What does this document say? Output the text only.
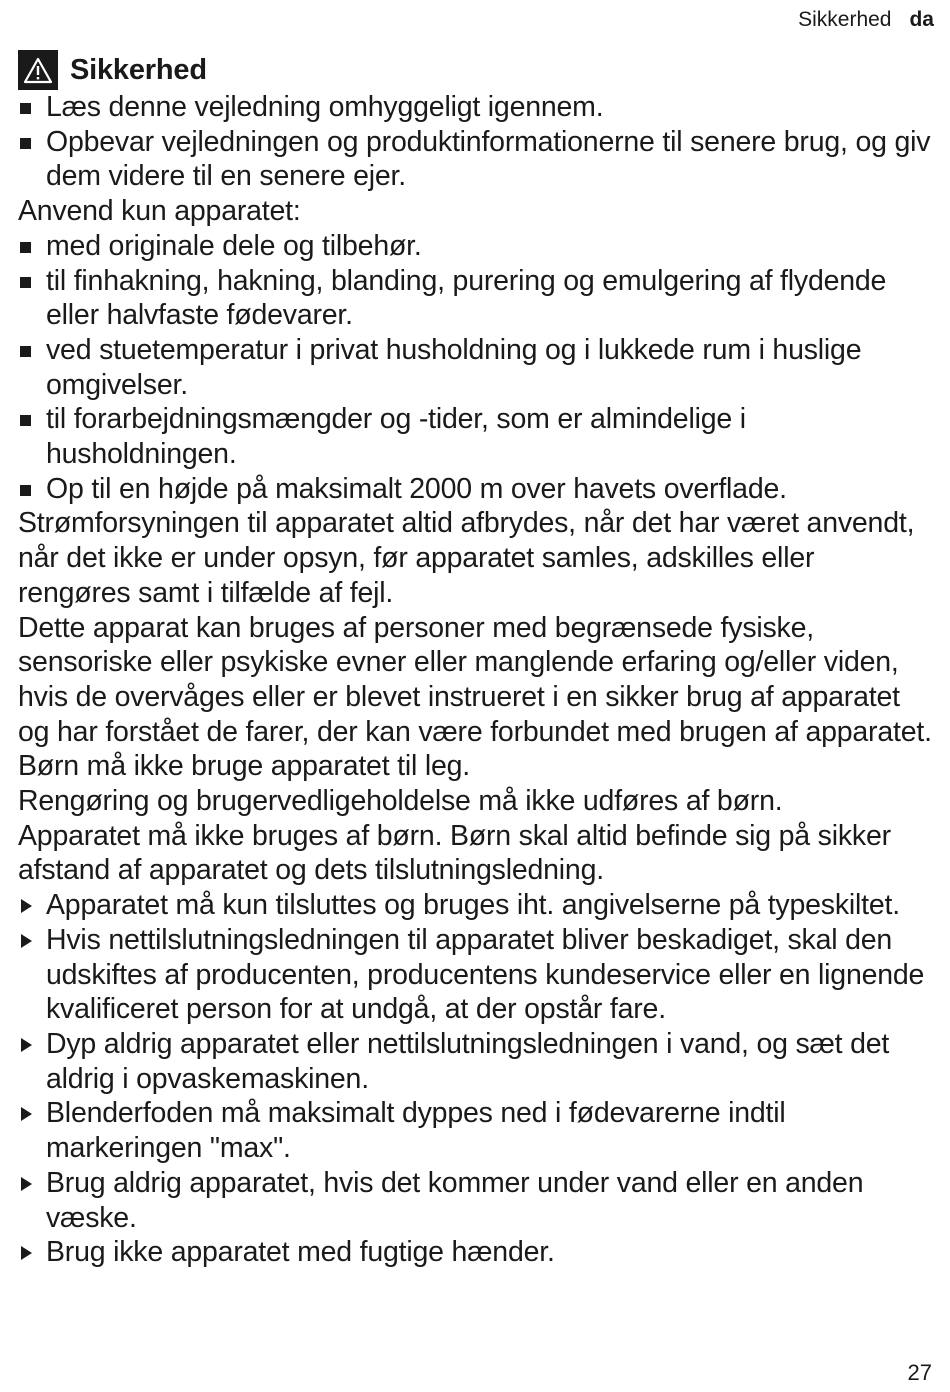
Sikkerhed da
Sikkerhed
Læs denne vejledning omhyggeligt igennem.
Opbevar vejledningen og produktinformationerne til senere brug, og giv dem videre til en senere ejer.

Anvend kun apparatet:

med originale dele og tilbehør.
til finhakning, hakning, blanding, purering og emulgering af flydende eller halvfaste fødevarer.
ved stuetemperatur i privat husholdning og i lukkede rum i huslige omgivelser.
til forarbejdningsmængder og -tider, som er almindelige i husholdningen.
Op til en højde på maksimalt 2000 m over havets overflade.

Strømforsyningen til apparatet altid afbrydes, når det har været anvendt, når det ikke er under opsyn, før apparatet samles, adskilles eller rengøres samt i tilfælde af fejl.

Dette apparat kan bruges af personer med begrænsede fysiske, sensoriske eller psykiske evner eller manglende erfaring og/eller viden, hvis de overvåges eller er blevet instrueret i en sikker brug af apparatet og har forstået de farer, der kan være forbundet med brugen af apparatet.

Børn må ikke bruge apparatet til leg.

Rengøring og brugervedligeholdelse må ikke udføres af børn.

Apparatet må ikke bruges af børn. Børn skal altid befinde sig på sikker afstand af apparatet og dets tilslutningsledning.

Apparatet må kun tilsluttes og bruges iht. angivelserne på typeskiltet.
Hvis nettilslutningsledningen til apparatet bliver beskadiget, skal den udskiftes af producenten, producentens kundeservice eller en lignende kvalificeret person for at undgå, at der opstår fare.
Dyp aldrig apparatet eller nettilslutningsledningen i vand, og sæt det aldrig i opvaskemaskinen.
Blenderfoden må maksimalt dyppes ned i fødevarerne indtil markeringen "max".
Brug aldrig apparatet, hvis det kommer under vand eller en anden væske.
Brug ikke apparatet med fugtige hænder.
27
